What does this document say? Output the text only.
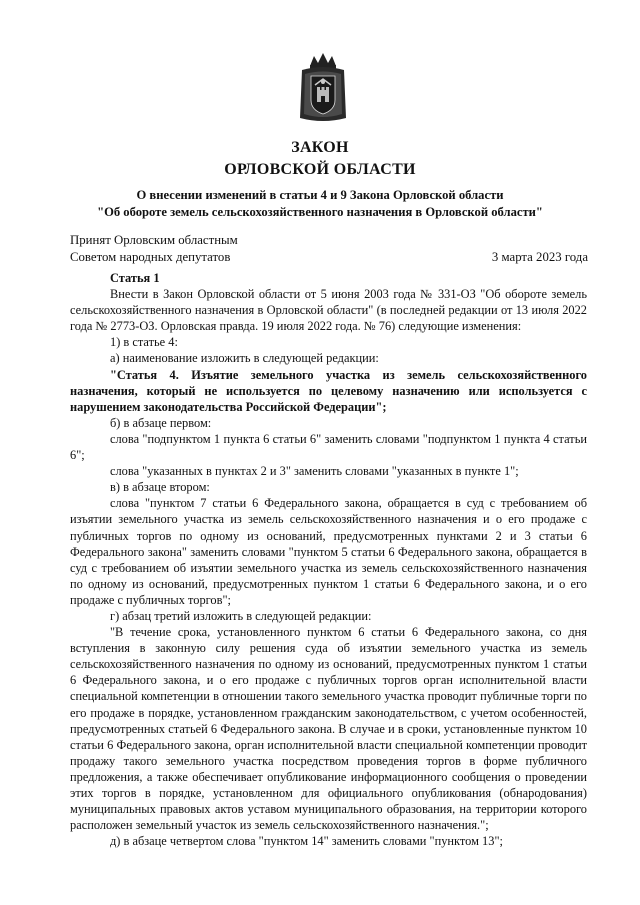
ЗАКОН
ОРЛОВСКОЙ ОБЛАСТИ
О внесении изменений в статьи 4 и 9 Закона Орловской области
"Об обороте земель сельскохозяйственного назначения в Орловской области"
Принят Орловским областным
Советом народных депутатов	3 марта 2023 года

Статья 1

Внести в Закон Орловской области от 5 июня 2003 года № 331-ОЗ "Об обороте земель сельскохозяйственного назначения в Орловской области" (в последней редакции от 13 июля 2022 года № 2773-ОЗ. Орловская правда. 19 июля 2022 года. № 76) следующие изменения:

1) в статье 4:

а) наименование изложить в следующей редакции:

"Статья 4. Изъятие земельного участка из земель сельскохозяйственного назначения, который не используется по целевому назначению или используется с нарушением законодательства Российской Федерации";

б) в абзаце первом:

слова "подпунктом 1 пункта 6 статьи 6" заменить словами "подпунктом 1 пункта 4 статьи 6";

слова "указанных в пунктах 2 и 3" заменить словами "указанных в пункте 1";

в) в абзаце втором:

слова "пунктом 7 статьи 6 Федерального закона, обращается в суд с требованием об изъятии земельного участка из земель сельскохозяйственного назначения и о его продаже с публичных торгов по одному из оснований, предусмотренных пунктами 2 и 3 статьи 6 Федерального закона" заменить словами "пунктом 5 статьи 6 Федерального закона, обращается в суд с требованием об изъятии земельного участка из земель сельскохозяйственного назначения по одному из оснований, предусмотренных пунктом 1 статьи 6 Федерального закона, и о его продаже с публичных торгов";

г) абзац третий изложить в следующей редакции:

"В течение срока, установленного пунктом 6 статьи 6 Федерального закона, со дня вступления в законную силу решения суда об изъятии земельного участка из земель сельскохозяйственного назначения по одному из оснований, предусмотренных пунктом 1 статьи 6 Федерального закона, и о его продаже с публичных торгов орган исполнительной власти специальной компетенции в отношении такого земельного участка проводит публичные торги по его продаже в порядке, установленном гражданским законодательством, с учетом особенностей, предусмотренных статьей 6 Федерального закона. В случае и в сроки, установленные пунктом 10 статьи 6 Федерального закона, орган исполнительной власти специальной компетенции проводит продажу такого земельного участка посредством проведения торгов в форме публичного предложения, а также обеспечивает опубликование информационного сообщения о проведении этих торгов в порядке, установленном для официального опубликования (обнародования) муниципальных правовых актов уставом муниципального образования, на территории которого расположен земельный участок из земель сельскохозяйственного назначения.";

д) в абзаце четвертом слова "пунктом 14" заменить словами "пунктом 13";
